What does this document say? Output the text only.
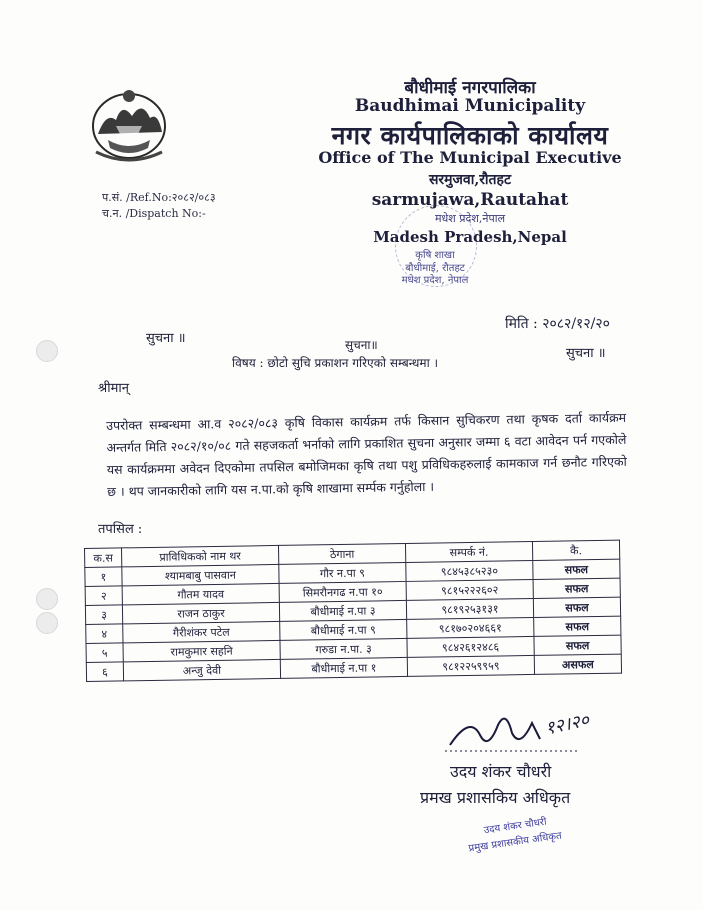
बौधीमाई नगरपालिका
Baudhimai Municipality
नगर कार्यपालिकाको कार्यालय
Office of The Municipal Executive
सरमुजवा,रौतहट
sarmujawa,Rautahat
मधेश प्रदेश,नेपाल
Madesh Pradesh,Nepal
कृषि शाखा
बौधीमाई, रौतहट
मधेश प्रदेश, नेपाल
प.सं. /Ref.No:२०८२/०८३
च.न. /Dispatch No:-
मिति : २०८२/१२/२०
सुचना ॥	सुचना॥
सुचना ॥
विषय : छोटो सुचि प्रकाशन गरिएको सम्बन्धमा ।
श्रीमान्
उपरोक्त सम्बन्धमा आ.व २०८२/०८३ कृषि विकास कार्यक्रम तर्फ किसान सुचिकरण तथा कृषक दर्ता कार्यक्रम अन्तर्गत मिति २०८२/१०/०८ गते सहजकर्ता भर्नाको लागि प्रकाशित सुचना अनुसार जम्मा ६ वटा आवेदन पर्न गएकोले यस कार्यक्रममा अवेदन दिएकोमा तपसिल बमोजिमका कृषि तथा पशु प्रविधिकहरुलाई कामकाज गर्न छनौट गरिएको छ । थप जानकारीको लागि यस न.पा.को कृषि शाखामा सर्म्पक गर्नुहोला ।
तपसिल :
क.स	प्राविधिकको नाम थर	ठेगाना	सम्पर्क नं.	कै.
१	श्यामबाबु पासवान	गौर न.पा ९	९८४५३८५२३०	सफल
२	गौतम यादव	सिमरौनगढ न.पा १०	९८१५२२२६०२	सफल
३	राजन ठाकुर	बौधीमाई न.पा ३	९८१९२५३१३१	सफल
४	गैरीशंकर पटेल	बौधीमाई न.पा ९	९८१७०२०४६६१	सफल
५	रामकुमार सहनि	गरुडा न.पा. ३	९८४२६१२४८६	सफल
६	अन्जु देवी	बौधीमाई न.पा १	९८१२२५९९५९	असफल
१२।२०
उदय शंकर चौधरी
प्रमख प्रशासकिय अधिकृत
उदय शंकर चौधरी
प्रमुख प्रशासकीय अधिकृत
